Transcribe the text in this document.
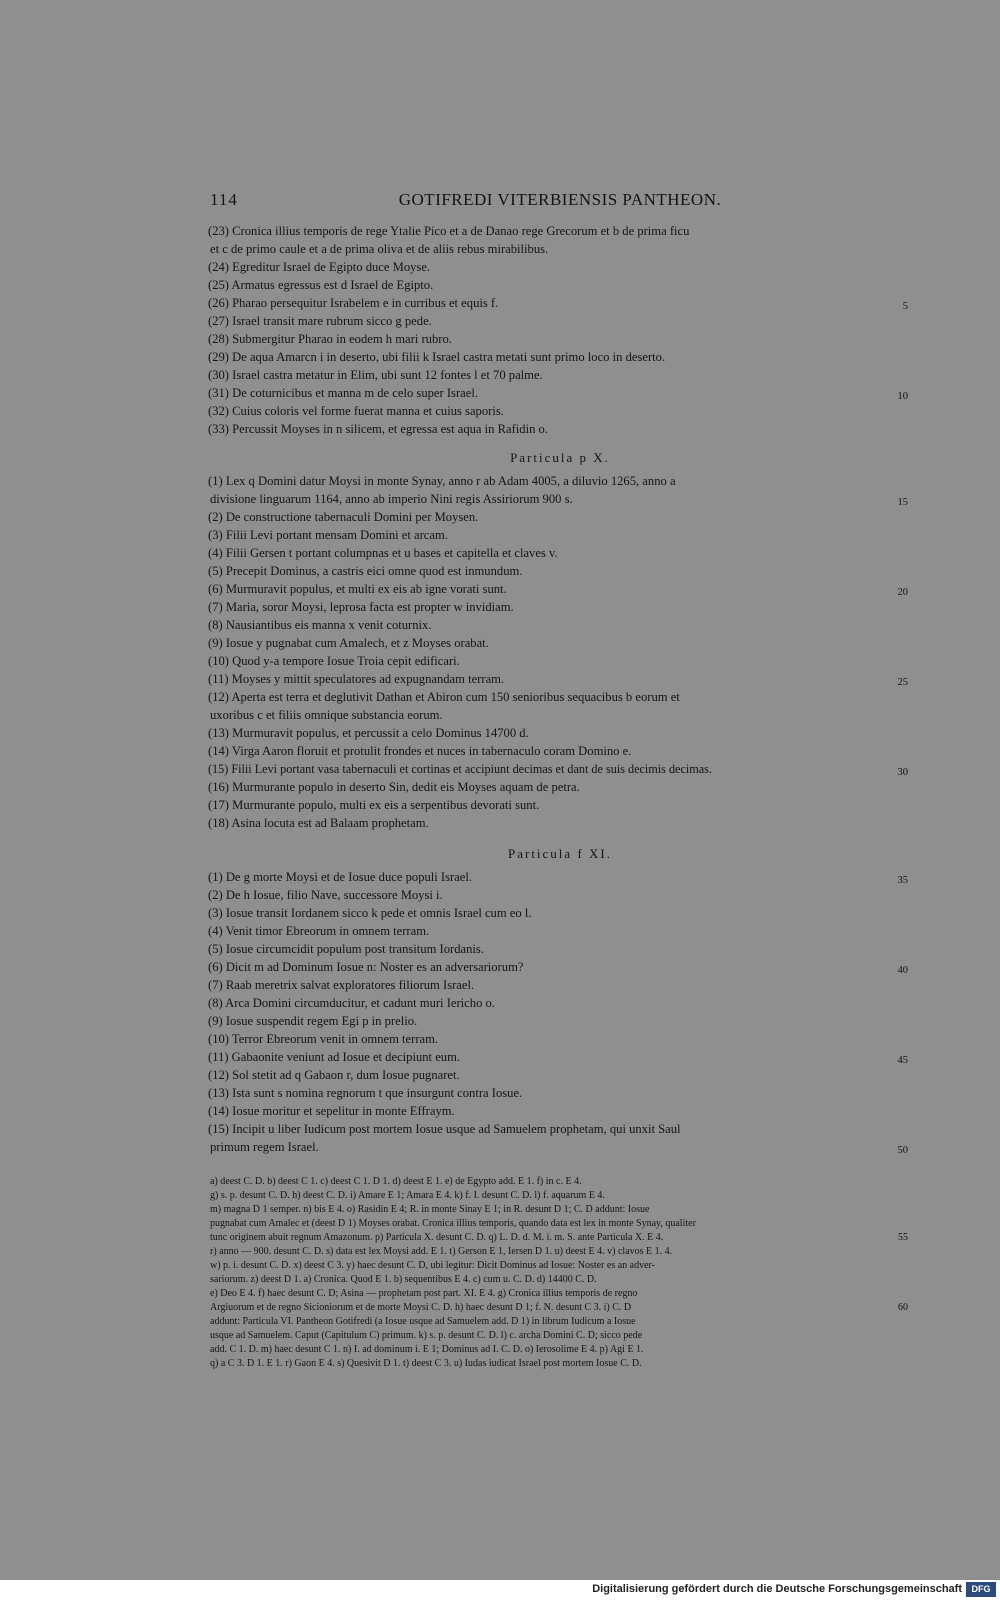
114	GOTIFREDI VITERBIENSIS PANTHEON.
(23) Cronica illius temporis de rege Ytalie Pico et a de Danao rege Grecorum et b de prima ficu
et c de primo caule et a de prima oliva et de aliis rebus mirabilibus.
(24) Egreditur Israel de Egipto duce Moyse.
(25) Armatus egressus est d Israel de Egipto.
(26) Pharao persequitur Israbelem e in curribus et equis f.
(27) Israel transit mare rubrum sicco g pede.
(28) Submergitur Pharao in eodem h mari rubro.
(29) De aqua Amarcn i in deserto, ubi filii k Israel castra metati sunt primo loco in deserto.
(30) Israel castra metatur in Elim, ubi sunt 12 fontes l et 70 palme.
(31) De coturnicibus et manna m de celo super Israel.
(32) Cuius coloris vel forme fuerat manna et cuius saporis.
(33) Percussit Moyses in n silicem, et egressa est aqua in Rafidin o.
Particula p X.
(1) Lex q Domini datur Moysi in monte Synay, anno r ab Adam 4005, a diluvio 1265, anno a
divisione linguarum 1164, anno ab imperio Nini regis Assiriorum 900 s.
(2) De constructione tabernaculi Domini per Moysen.
(3) Filii Levi portant mensam Domini et arcam.
(4) Filii Gersen t portant columpnas et u bases et capitella et claves v.
(5) Precepit Dominus, a castris eici omne quod est inmundum.
(6) Murmuravit populus, et multi ex eis ab igne vorati sunt.
(7) Maria, soror Moysi, leprosa facta est propter w invidiam.
(8) Nausiantibus eis manna x venit coturnix.
(9) Iosue y pugnabat cum Amalech, et z Moyses orabat.
(10) Quod y-a tempore Iosue Troia cepit edificari.
(11) Moyses y mittit speculatores ad expugnandam terram.
(12) Aperta est terra et deglutivit Dathan et Abiron cum 150 senioribus sequacibus b eorum et
uxoribus c et filiis omnique substancia eorum.
(13) Murmuravit populus, et percussit a celo Dominus 14700 d.
(14) Virga Aaron floruit et protulit frondes et nuces in tabernaculo coram Domino e.
(15) Filii Levi portant vasa tabernaculi et cortinas et accipiunt decimas et dant de suis decimis decimas.
(16) Murmurante populo in deserto Sin, dedit eis Moyses aquam de petra.
(17) Murmurante populo, multi ex eis a serpentibus devorati sunt.
(18) Asina locuta est ad Balaam prophetam.
Particula f XI.
(1) De g morte Moysi et de Iosue duce populi Israel.
(2) De h Iosue, filio Nave, successore Moysi i.
(3) Iosue transit Iordanem sicco k pede et omnis Israel cum eo l.
(4) Venit timor Ebreorum in omnem terram.
(5) Iosue circumcidit populum post transitum Iordanis.
(6) Dicit m ad Dominum Iosue n: Noster es an adversariorum?
(7) Raab meretrix salvat exploratores filiorum Israel.
(8) Arca Domini circumducitur, et cadunt muri Iericho o.
(9) Iosue suspendit regem Egi p in prelio.
(10) Terror Ebreorum venit in omnem terram.
(11) Gabaonite veniunt ad Iosue et decipiunt eum.
(12) Sol stetit ad q Gabaon r, dum Iosue pugnaret.
(13) Ista sunt s nomina regnorum t que insurgunt contra Iosue.
(14) Iosue moritur et sepelitur in monte Effraym.
(15) Incipit u liber Iudicum post mortem Iosue usque ad Samuelem prophetam, qui unxit Saul
primum regem Israel.
5
10
15
20
25
30
35
40
45
50
a) deest C. D. b) deest C 1. c) deest C 1. D 1. d) deest E 1. e) de Egypto add. E 1. f) in c. E 4.
g) s. p. desunt C. D. h) deest C. D. i) Amare E 1; Amara E 4. k) f. I. desunt C. D. l) f. aquarum E 4.
m) magna D 1 semper. n) bis E 4. o) Rasidin E 4; R. in monte Sinay E 1; in R. desunt D 1; C. D addunt: Iosue
pugnabat cum Amalec et (deest D 1) Moyses orabat. Cronica illius temporis, quando data est lex in monte Synay, qualiter
tunc originem abuit regnum Amazonum. p) Particula X. desunt C. D. q) L. D. d. M. i. m. S. ante Particula X. E 4.
r) anno — 900. desunt C. D. s) data est lex Moysi add. E 1. t) Gerson E 1, Iersen D 1. u) deest E 4. v) clavos E 1. 4.
w) p. i. desunt C. D. x) deest C 3. y) haec desunt C. D, ubi legitur: Dicit Dominus ad Iosue: Noster es an adver-
sariorum. z) deest D 1. a) Cronica. Quod E 1. b) sequentibus E 4. c) cum u. C. D. d) 14400 C. D.
e) Deo E 4. f) haec desunt C. D; Asina — prophetam post part. XI. E 4. g) Cronica illius temporis de regno
Argiuorum et de regno Sicioniorum et de morte Moysi C. D. h) haec desunt D 1; f. N. desunt C 3. i) C. D
addunt: Particula VI. Pantheon Gotifredi (a Iosue usque ad Samuelem add. D 1) in librum Iudicum a Iosue
usque ad Samuelem. Caput (Capitulum C) primum. k) s. p. desunt C. D. l) c. archa Domini C. D; sicco pede
add. C 1. D. m) haec desunt C 1. n) I. ad dominum i. E 1; Dominus ad I. C. D. o) Ierosolime E 4. p) Agi E 1.
q) a C 3. D 1. E 1. r) Gaon E 4. s) Quesivit D 1. t) deest C 3. u) Iudas iudicat Israel post mortem Iosue C. D.
55
60
Digitalisierung gefördert durch die Deutsche Forschungsgemeinschaft	DFG
